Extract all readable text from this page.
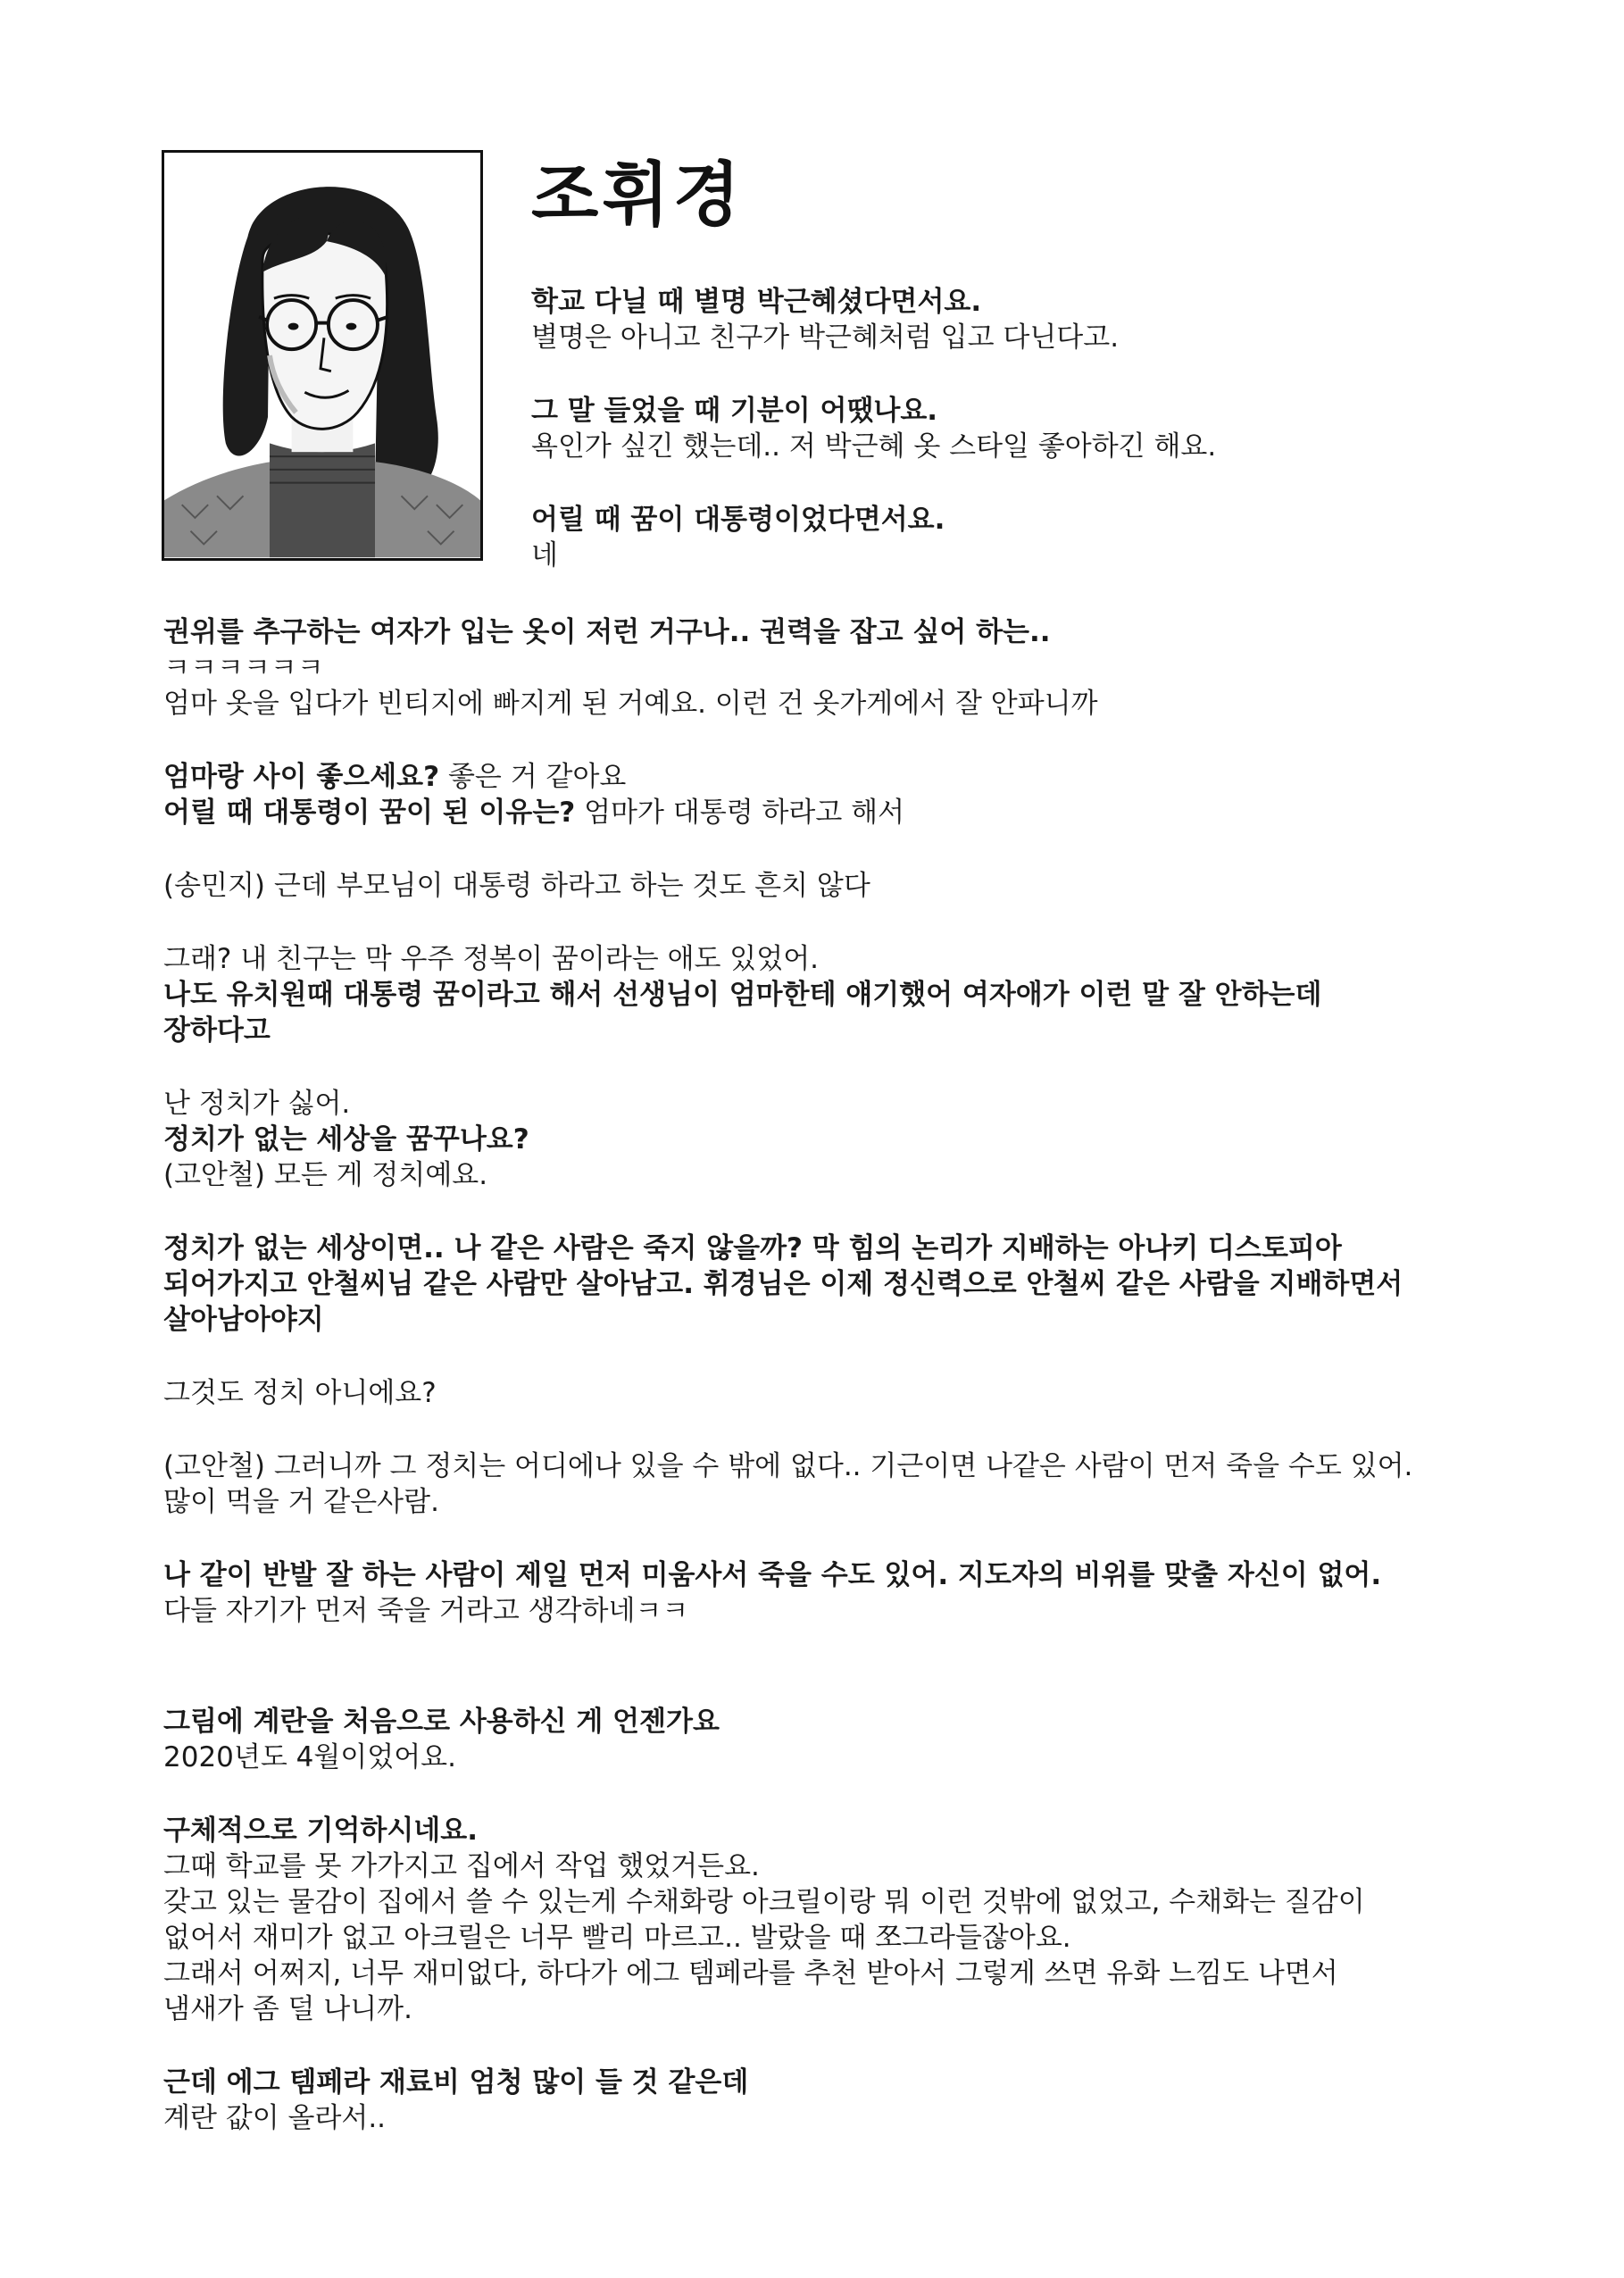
조휘경
학교 다닐 때 별명 박근혜셨다면서요.
별명은 아니고 친구가 박근혜처럼 입고 다닌다고.
그 말 들었을 때 기분이 어땠나요.
욕인가 싶긴 했는데.. 저 박근혜 옷 스타일 좋아하긴 해요.
어릴 때 꿈이 대통령이었다면서요.
네
권위를 추구하는 여자가 입는 옷이 저런 거구나.. 권력을 잡고 싶어 하는..
ㅋㅋㅋㅋㅋㅋ
엄마 옷을 입다가 빈티지에 빠지게 된 거예요. 이런 건 옷가게에서 잘 안파니까
엄마랑 사이 좋으세요? 좋은 거 같아요
어릴 때 대통령이 꿈이 된 이유는? 엄마가 대통령 하라고 해서
(송민지) 근데 부모님이 대통령 하라고 하는 것도 흔치 않다
그래? 내 친구는 막 우주 정복이 꿈이라는 애도 있었어.
나도 유치원때 대통령 꿈이라고 해서 선생님이 엄마한테 얘기했어 여자애가 이런 말 잘 안하는데
장하다고
난 정치가 싫어.
정치가 없는 세상을 꿈꾸나요?
(고안철) 모든 게 정치예요.
정치가 없는 세상이면.. 나 같은 사람은 죽지 않을까? 막 힘의 논리가 지배하는 아나키 디스토피아
되어가지고 안철씨님 같은 사람만 살아남고. 휘경님은 이제 정신력으로 안철씨 같은 사람을 지배하면서
살아남아야지
그것도 정치 아니에요?
(고안철) 그러니까 그 정치는 어디에나 있을 수 밖에 없다.. 기근이면 나같은 사람이 먼저 죽을 수도 있어.
많이 먹을 거 같은사람.
나 같이 반발 잘 하는 사람이 제일 먼저 미움사서 죽을 수도 있어. 지도자의 비위를 맞출 자신이 없어.
다들 자기가 먼저 죽을 거라고 생각하네ㅋㅋ
그림에 계란을 처음으로 사용하신 게 언젠가요
2020년도 4월이었어요.
구체적으로 기억하시네요.
그때 학교를 못 가가지고 집에서 작업 했었거든요.
갖고 있는 물감이 집에서 쓸 수 있는게 수채화랑 아크릴이랑 뭐 이런 것밖에 없었고, 수채화는 질감이
없어서 재미가 없고 아크릴은 너무 빨리 마르고.. 발랐을 때 쪼그라들잖아요.
그래서 어쩌지, 너무 재미없다, 하다가 에그 템페라를 추천 받아서 그렇게 쓰면 유화 느낌도 나면서
냄새가 좀 덜 나니까.
근데 에그 템페라 재료비 엄청 많이 들 것 같은데
계란 값이 올라서..
